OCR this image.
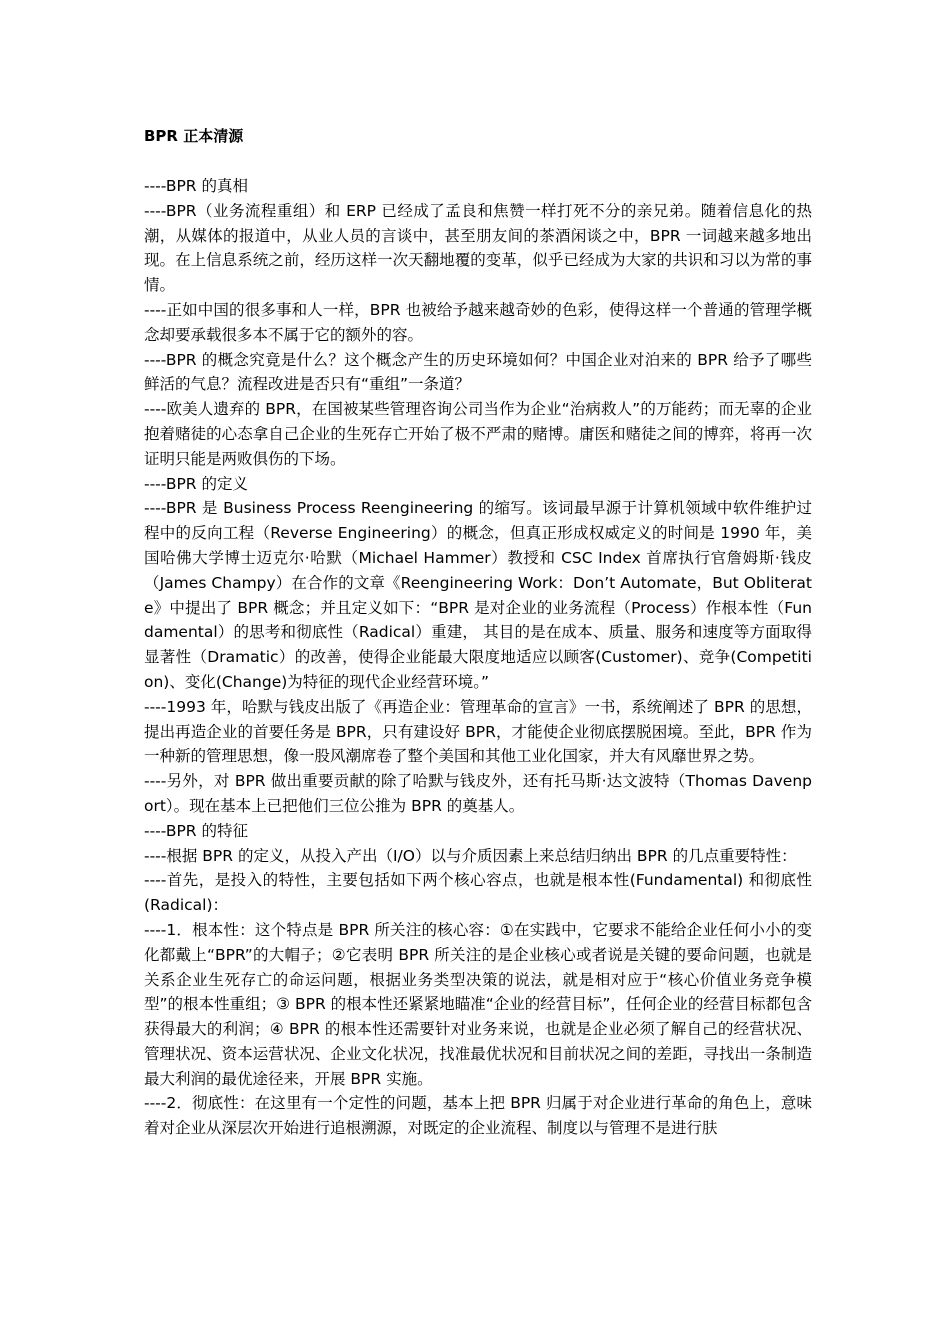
BPR 正本清源

----BPR 的真相

----BPR（业务流程重组）和 ERP 已经成了孟良和焦赞一样打死不分的亲兄弟。随着信息化的热潮，从媒体的报道中，从业人员的言谈中，甚至朋友间的茶酒闲谈之中，BPR 一词越来越多地出现。在上信息系统之前，经历这样一次天翻地覆的变革，似乎已经成为大家的共识和习以为常的事情。

----正如中国的很多事和人一样，BPR 也被给予越来越奇妙的色彩，使得这样一个普通的管理学概念却要承载很多本不属于它的额外的容。

----BPR 的概念究竟是什么？这个概念产生的历史环境如何？中国企业对泊来的 BPR 给予了哪些鲜活的气息？流程改进是否只有“重组”一条道？

----欧美人遗弃的 BPR，在国被某些管理咨询公司当作为企业“治病救人”的万能药；而无辜的企业抱着赌徒的心态拿自己企业的生死存亡开始了极不严肃的赌博。庸医和赌徒之间的博弈，将再一次证明只能是两败俱伤的下场。

----BPR 的定义

----BPR 是 Business Process Reengineering 的缩写。该词最早源于计算机领域中软件维护过程中的反向工程（Reverse Engineering）的概念，但真正形成权威定义的时间是 1990 年，美国哈佛大学博士迈克尔·哈默（Michael Hammer）教授和 CSC Index 首席执行官詹姆斯·钱皮（James Champy）在合作的文章《Reengineering Work：Don’t Automate，But Obliterate》中提出了 BPR 概念；并且定义如下：“BPR 是对企业的业务流程（Process）作根本性（Fundamental）的思考和彻底性（Radical）重建， 其目的是在成本、质量、服务和速度等方面取得显著性（Dramatic）的改善，使得企业能最大限度地适应以顾客(Customer)、竞争(Competition)、变化(Change)为特征的现代企业经营环境。”

----1993 年，哈默与钱皮出版了《再造企业：管理革命的宣言》一书，系统阐述了 BPR 的思想，提出再造企业的首要任务是 BPR，只有建设好 BPR，才能使企业彻底摆脱困境。至此，BPR 作为一种新的管理思想，像一股风潮席卷了整个美国和其他工业化国家，并大有风靡世界之势。

----另外，对 BPR 做出重要贡献的除了哈默与钱皮外，还有托马斯·达文波特（Thomas Davenport）。现在基本上已把他们三位公推为 BPR 的奠基人。

----BPR 的特征

----根据 BPR 的定义，从投入产出（I/O）以与介质因素上来总结归纳出 BPR 的几点重要特性：

----首先，是投入的特性，主要包括如下两个核心容点，也就是根本性(Fundamental) 和彻底性 (Radical)：

----1．根本性：这个特点是 BPR 所关注的核心容：①在实践中，它要求不能给企业任何小小的变化都戴上“BPR”的大帽子；②它表明 BPR 所关注的是企业核心或者说是关键的要命问题，也就是关系企业生死存亡的命运问题，根据业务类型决策的说法，就是相对应于“核心价值业务竞争模型”的根本性重组；③ BPR 的根本性还紧紧地瞄准“企业的经营目标”，任何企业的经营目标都包含获得最大的利润；④ BPR 的根本性还需要针对业务来说，也就是企业必须了解自己的经营状况、管理状况、资本运营状况、企业文化状况，找准最优状况和目前状况之间的差距，寻找出一条制造最大利润的最优途径来，开展 BPR 实施。

----2．彻底性：在这里有一个定性的问题，基本上把 BPR 归属于对企业进行革命的角色上，意味着对企业从深层次开始进行追根溯源，对既定的企业流程、制度以与管理不是进行肤
